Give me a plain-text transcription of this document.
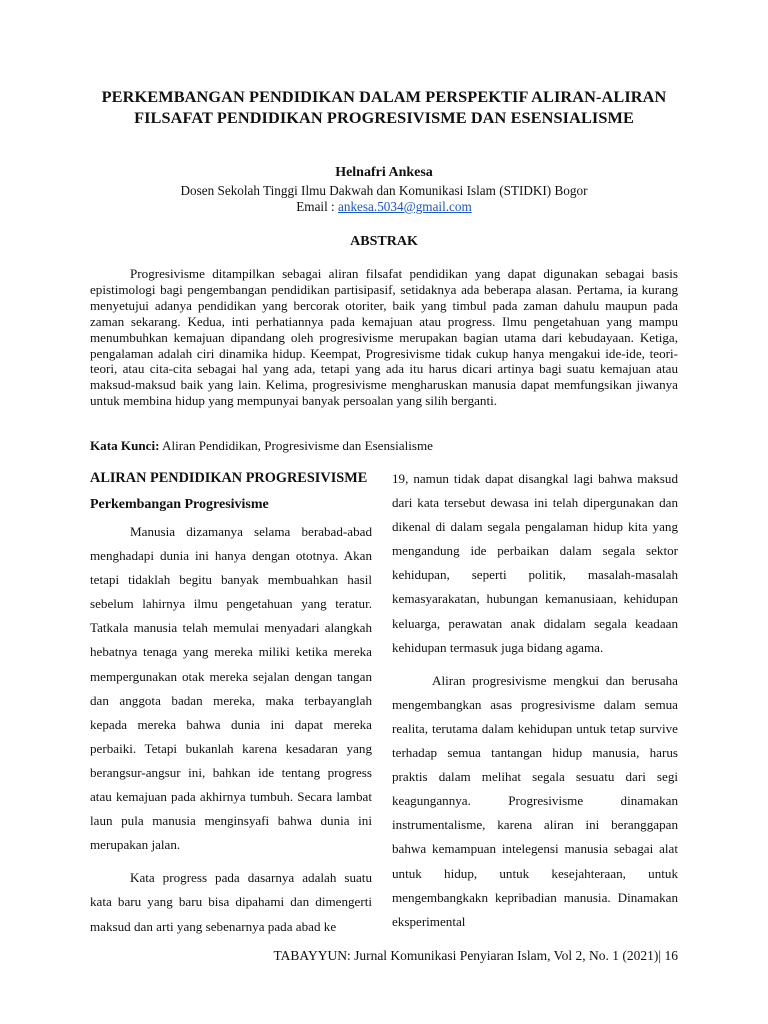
PERKEMBANGAN PENDIDIKAN DALAM PERSPEKTIF ALIRAN-ALIRAN FILSAFAT PENDIDIKAN PROGRESIVISME DAN ESENSIALISME
Helnafri Ankesa
Dosen Sekolah Tinggi Ilmu Dakwah dan Komunikasi Islam (STIDKI) Bogor
Email : ankesa.5034@gmail.com
ABSTRAK

Progresivisme ditampilkan sebagai aliran filsafat pendidikan yang dapat digunakan sebagai basis epistimologi bagi pengembangan pendidikan partisipasif, setidaknya ada beberapa alasan. Pertama, ia kurang menyetujui adanya pendidikan yang bercorak otoriter, baik yang timbul pada zaman dahulu maupun pada zaman sekarang. Kedua, inti perhatiannya pada kemajuan atau progress. Ilmu pengetahuan yang mampu menumbuhkan kemajuan dipandang oleh progresivisme merupakan bagian utama dari kebudayaan. Ketiga, pengalaman adalah ciri dinamika hidup. Keempat, Progresivisme tidak cukup hanya mengakui ide-ide, teori-teori, atau cita-cita sebagai hal yang ada, tetapi yang ada itu harus dicari artinya bagi suatu kemajuan atau maksud-maksud baik yang lain. Kelima, progresivisme mengharuskan manusia dapat memfungsikan jiwanya untuk membina hidup yang mempunyai banyak persoalan yang silih berganti.

Kata Kunci: Aliran Pendidikan, Progresivisme dan Esensialisme
ALIRAN PENDIDIKAN PROGRESIVISME
Perkembangan Progresivisme

Manusia dizamanya selama berabad-abad menghadapi dunia ini hanya dengan ototnya. Akan tetapi tidaklah begitu banyak membuahkan hasil sebelum lahirnya ilmu pengetahuan yang teratur. Tatkala manusia telah memulai menyadari alangkah hebatnya tenaga yang mereka miliki ketika mereka mempergunakan otak mereka sejalan dengan tangan dan anggota badan mereka, maka terbayanglah kepada mereka bahwa dunia ini dapat mereka perbaiki. Tetapi bukanlah karena kesadaran yang berangsur-angsur ini, bahkan ide tentang progress atau kemajuan pada akhirnya tumbuh. Secara lambat laun pula manusia menginsyafi bahwa dunia ini merupakan jalan.

Kata progress pada dasarnya adalah suatu kata baru yang baru bisa dipahami dan dimengerti maksud dan arti yang sebenarnya pada abad ke

19, namun tidak dapat disangkal lagi bahwa maksud dari kata tersebut dewasa ini telah dipergunakan dan dikenal di dalam segala pengalaman hidup kita yang mengandung ide perbaikan dalam segala sektor kehidupan, seperti politik, masalah-masalah kemasyarakatan, hubungan kemanusiaan, kehidupan keluarga, perawatan anak didalam segala keadaan kehidupan termasuk juga bidang agama.

Aliran progresivisme mengkui dan berusaha mengembangkan asas progresivisme dalam semua realita, terutama dalam kehidupan untuk tetap survive terhadap semua tantangan hidup manusia, harus praktis dalam melihat segala sesuatu dari segi keagungannya. Progresivisme dinamakan instrumentalisme, karena aliran ini beranggapan bahwa kemampuan intelegensi manusia sebagai alat untuk hidup, untuk kesejahteraan, untuk mengembangkakn kepribadian manusia. Dinamakan eksperimental

TABAYYUN: Jurnal Komunikasi Penyiaran Islam, Vol 2, No. 1 (2021)| 16
